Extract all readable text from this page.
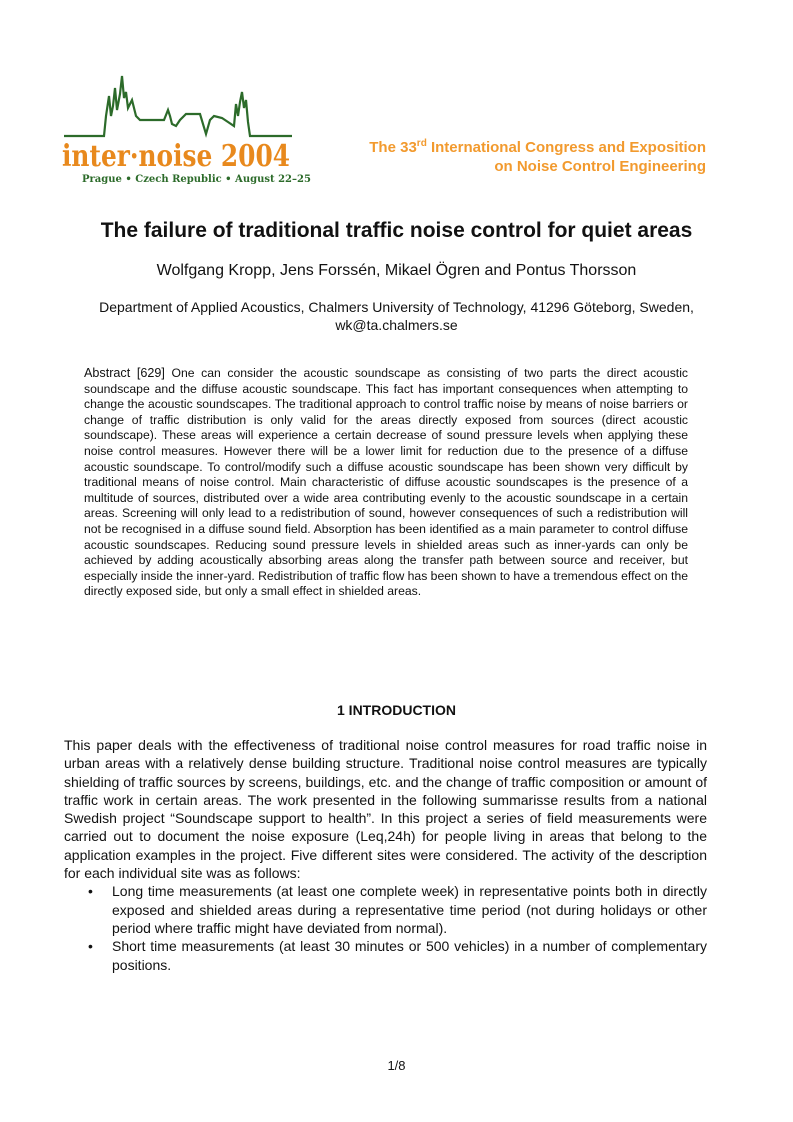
inter·noise 2004
Prague • Czech Republic • August 22–25
The 33rd International Congress and Exposition
on Noise Control Engineering
The failure of traditional traffic noise control for quiet areas
Wolfgang Kropp, Jens Forssén, Mikael Ögren and Pontus Thorsson
Department of Applied Acoustics, Chalmers University of Technology, 41296 Göteborg, Sweden,
wk@ta.chalmers.se
Abstract [629] One can consider the acoustic soundscape as consisting of two parts the direct acoustic soundscape and the diffuse acoustic soundscape. This fact has important consequences when attempting to change the acoustic soundscapes. The traditional approach to control traffic noise by means of noise barriers or change of traffic distribution is only valid for the areas directly exposed from sources (direct acoustic soundscape). These areas will experience a certain decrease of sound pressure levels when applying these noise control measures. However there will be a lower limit for reduction due to the presence of a diffuse acoustic soundscape. To control/modify such a diffuse acoustic soundscape has been shown very difficult by traditional means of noise control. Main characteristic of diffuse acoustic soundscapes is the presence of a multitude of sources, distributed over a wide area contributing evenly to the acoustic soundscape in a certain areas. Screening will only lead to a redistribution of sound, however consequences of such a redistribution will not be recognised in a diffuse sound field. Absorption has been identified as a main parameter to control diffuse acoustic soundscapes. Reducing sound pressure levels in shielded areas such as inner-yards can only be achieved by adding acoustically absorbing areas along the transfer path between source and receiver, but especially inside the inner-yard. Redistribution of traffic flow has been shown to have a tremendous effect on the directly exposed side, but only a small effect in shielded areas.
1 INTRODUCTION

This paper deals with the effectiveness of traditional noise control measures for road traffic noise in urban areas with a relatively dense building structure. Traditional noise control measures are typically shielding of traffic sources by screens, buildings, etc. and the change of traffic composition or amount of traffic work in certain areas. The work presented in the following summarisse results from a national Swedish project “Soundscape support to health”. In this project a series of field measurements were carried out to document the noise exposure (Leq,24h) for people living in areas that belong to the application examples in the project. Five different sites were considered. The activity of the description for each individual site was as follows:

• Long time measurements (at least one complete week) in representative points both in directly exposed and shielded areas during a representative time period (not during holidays or other period where traffic might have deviated from normal).
• Short time measurements (at least 30 minutes or 500 vehicles) in a number of complementary positions.
1/8
